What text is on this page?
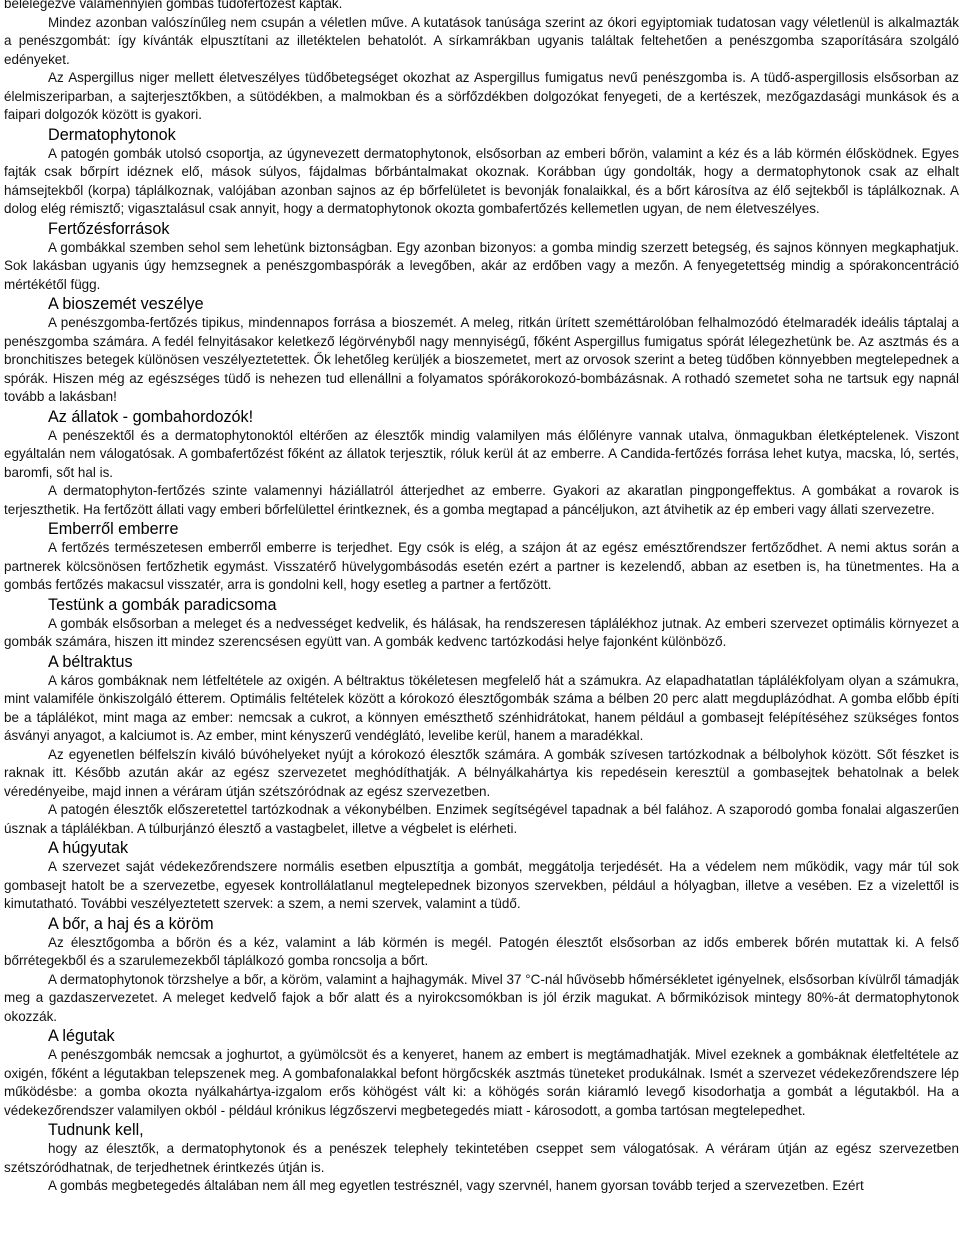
belélegezve valamennyien gombás tüdőfertőzést kaptak.

Mindez azonban valószínűleg nem csupán a véletlen műve. A kutatások tanúsága szerint az ókori egyiptomiak tudatosan vagy véletlenül is alkalmazták a penészgombát: így kívánták elpusztítani az illetéktelen behatolót. A sírkamrákban ugyanis találtak feltehetően a penészgomba szaporítására szolgáló edényeket.

Az Aspergillus niger mellett életveszélyes tüdőbetegséget okozhat az Aspergillus fumigatus nevű penészgomba is. A tüdő-aspergillosis elsősorban az élelmiszeriparban, a sajterjesztőkben, a sütödékben, a malmokban és a sörfőzdékben dolgozókat fenyegeti, de a kertészek, mezőgazdasági munkások és a faipari dolgozók között is gyakori.

Dermatophytonok

A patogén gombák utolsó csoportja, az úgynevezett dermatophytonok, elsősorban az emberi bőrön, valamint a kéz és a láb körmén élősködnek. Egyes fajták csak bőrpírt idéznek elő, mások súlyos, fájdalmas bőrbántalmakat okoznak. Korábban úgy gondolták, hogy a dermatophytonok csak az elhalt hámsejtekből (korpa) táplálkoznak, valójában azonban sajnos az ép bőrfelületet is bevonják fonalaikkal, és a bőrt károsítva az élő sejtekből is táplálkoznak. A dolog elég rémisztő; vigasztalásul csak annyit, hogy a dermatophytonok okozta gombafertőzés kellemetlen ugyan, de nem életveszélyes.

Fertőzésforrások

A gombákkal szemben sehol sem lehetünk biztonságban. Egy azonban bizonyos: a gomba mindig szerzett betegség, és sajnos könnyen megkaphatjuk. Sok lakásban ugyanis úgy hemzsegnek a penészgombaspórák a levegőben, akár az erdőben vagy a mezőn. A fenyegetettség mindig a spórakoncentráció mértékétől függ.

A bioszemét veszélye

A penészgomba-fertőzés tipikus, mindennapos forrása a bioszemét. A meleg, ritkán ürített szeméttárolóban felhalmozódó ételmaradék ideális táptalaj a penészgomba számára. A fedél felnyitásakor keletkező légörvényből nagy mennyiségű, főként Aspergillus fumigatus spórát lélegezhetünk be. Az asztmás és a bronchitiszes betegek különösen veszélyeztetettek. Ők lehetőleg kerüljék a bioszemetet, mert az orvosok szerint a beteg tüdőben könnyebben megtelepednek a spórák. Hiszen még az egészséges tüdő is nehezen tud ellenállni a folyamatos spórákorokozó-bombázásnak. A rothadó szemetet soha ne tartsuk egy napnál tovább a lakásban!

Az állatok - gombahordozók!

A penészektől és a dermatophytonoktól eltérően az élesztők mindig valamilyen más élőlényre vannak utalva, önmagukban életképtelenek. Viszont egyáltalán nem válogatósak. A gombafertőzést főként az állatok terjesztik, róluk kerül át az emberre. A Candida-fertőzés forrása lehet kutya, macska, ló, sertés, baromfi, sőt hal is.

A dermatophyton-fertőzés szinte valamennyi háziállatról átterjedhet az emberre. Gyakori az akaratlan pingpongeffektus. A gombákat a rovarok is terjeszthetik. Ha fertőzött állati vagy emberi bőrfelülettel érintkeznek, és a gomba megtapad a páncéljukon, azt átvihetik az ép emberi vagy állati szervezetre.

Emberről emberre

A fertőzés természetesen emberről emberre is terjedhet. Egy csók is elég, a szájon át az egész emésztőrendszer fertőződhet. A nemi aktus során a partnerek kölcsönösen fertőzhetik egymást. Visszatérő hüvelygombásodás esetén ezért a partner is kezelendő, abban az esetben is, ha tünetmentes. Ha a gombás fertőzés makacsul visszatér, arra is gondolni kell, hogy esetleg a partner a fertőzött.

Testünk a gombák paradicsoma

A gombák elsősorban a meleget és a nedvességet kedvelik, és hálásak, ha rendszeresen táplálékhoz jutnak. Az emberi szervezet optimális környezet a gombák számára, hiszen itt mindez szerencsésen együtt van. A gombák kedvenc tartózkodási helye fajonként különböző.

A béltraktus

A káros gombáknak nem létfeltétele az oxigén. A béltraktus tökéletesen megfelelő hát a számukra. Az elapadhatatlan táplálékfolyam olyan a számukra, mint valamiféle önkiszolgáló étterem. Optimális feltételek között a kórokozó élesztőgombák száma a bélben 20 perc alatt megduplázódhat. A gomba előbb építi be a táplálékot, mint maga az ember: nemcsak a cukrot, a könnyen emészthető szénhidrátokat, hanem például a gombasejt felépítéséhez szükséges fontos ásványi anyagot, a kalciumot is. Az ember, mint kényszerű vendéglátó, levelibe kerül, hanem a maradékkal.

Az egyenetlen bélfelszín kiváló búvóhelyeket nyújt a kórokozó élesztők számára. A gombák szívesen tartózkodnak a bélbolyhok között. Sőt fészket is raknak itt. Később azután akár az egész szervezetet meghódíthatják. A bélnyálkahártya kis repedésein keresztül a gombasejtek behatolnak a belek véredényeibe, majd innen a véráram útján szétszóródnak az egész szervezetben.

A patogén élesztők előszeretettel tartózkodnak a vékonybélben. Enzimek segítségével tapadnak a bél falához. A szaporodó gomba fonalai algaszerűen úsznak a táplálékban. A túlburjánzó élesztő a vastagbelet, illetve a végbelet is elérheti.

A húgyutak

A szervezet saját védekezőrendszere normális esetben elpusztítja a gombát, meggátolja terjedését. Ha a védelem nem működik, vagy már túl sok gombasejt hatolt be a szervezetbe, egyesek kontrollálatlanul megtelepednek bizonyos szervekben, például a hólyagban, illetve a vesében. Ez a vizelettől is kimutatható. További veszélyeztetett szervek: a szem, a nemi szervek, valamint a tüdő.

A bőr, a haj és a köröm

Az élesztőgomba a bőrön és a kéz, valamint a láb körmén is megél. Patogén élesztőt elsősorban az idős emberek bőrén mutattak ki. A felső bőrrétegekből és a szarulemezekből táplálkozó gomba roncsolja a bőrt.

A dermatophytonok törzshelye a bőr, a köröm, valamint a hajhagymák. Mivel 37 °C-nál hűvösebb hőmérsékletet igényelnek, elsősorban kívülről támadják meg a gazdaszervezetet. A meleget kedvelő fajok a bőr alatt és a nyirokcsomókban is jól érzik magukat. A bőrmikózisok mintegy 80%-át dermatophytonok okozzák.

A légutak

A penészgombák nemcsak a joghurtot, a gyümölcsöt és a kenyeret, hanem az embert is megtámadhatják. Mivel ezeknek a gombáknak életfeltétele az oxigén, főként a légutakban telepszenek meg. A gombafonalakkal befont hörgőcskék asztmás tüneteket produkálnak. Ismét a szervezet védekezőrendszere lép működésbe: a gomba okozta nyálkahártya-izgalom erős köhögést vált ki: a köhögés során kiáramló levegő kisodorhatja a gombát a légutakból. Ha a védekezőrendszer valamilyen okból - például krónikus légzőszervi megbetegedés miatt - károsodott, a gomba tartósan megtelepedhet.

Tudnunk kell,

hogy az élesztők, a dermatophytonok és a penészek telephely tekintetében cseppet sem válogatósak. A véráram útján az egész szervezetben szétszóródhatnak, de terjedhetnek érintkezés útján is.

A gombás megbetegedés általában nem áll meg egyetlen testrésznél, vagy szervnél, hanem gyorsan tovább terjed a szervezetben. Ezért
